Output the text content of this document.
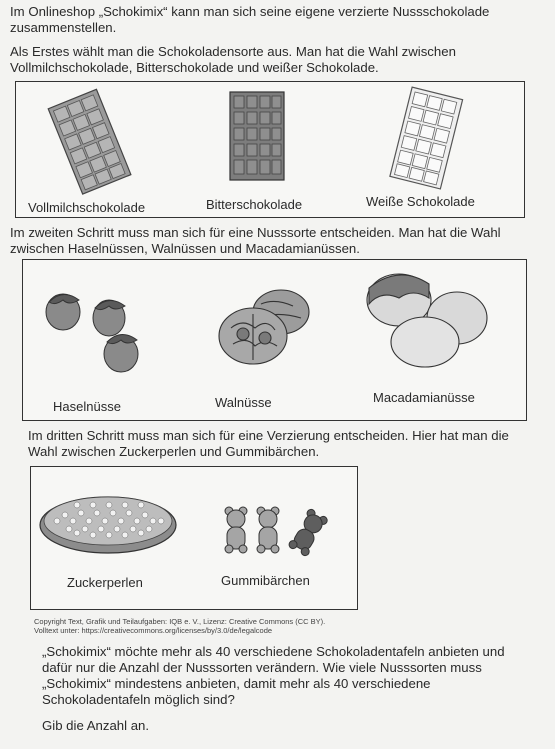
Im Onlineshop „Schokimix“ kann man sich seine eigene verzierte Nussschokolade zusammenstellen.

Als Erstes wählt man die Schokoladensorte aus. Man hat die Wahl zwischen Vollmilchschokolade, Bitterschokolade und weißer Schokolade.

Vollmilchschokolade	Bitterschokolade	Weiße Schokolade

Im zweiten Schritt muss man sich für eine Nusssorte entscheiden. Man hat die Wahl zwischen Haselnüssen, Walnüssen und Macadamianüssen.

Haselnüsse	Walnüsse	Macadamianüsse

Im dritten Schritt muss man sich für eine Verzierung entscheiden. Hier hat man die Wahl zwischen Zuckerperlen und Gummibärchen.

Zuckerperlen	Gummibärchen
Copyright Text, Grafik und Teilaufgaben: IQB e. V., Lizenz: Creative Commons (CC BY).
Volltext unter: https://creativecommons.org/licenses/by/3.0/de/legalcode

„Schokimix“ möchte mehr als 40 verschiedene Schokoladentafeln anbieten und dafür nur die Anzahl der Nusssorten verändern. Wie viele Nusssorten muss „Schokimix“ mindestens anbieten, damit mehr als 40 verschiedene Schokoladentafeln möglich sind?

Gib die Anzahl an.
